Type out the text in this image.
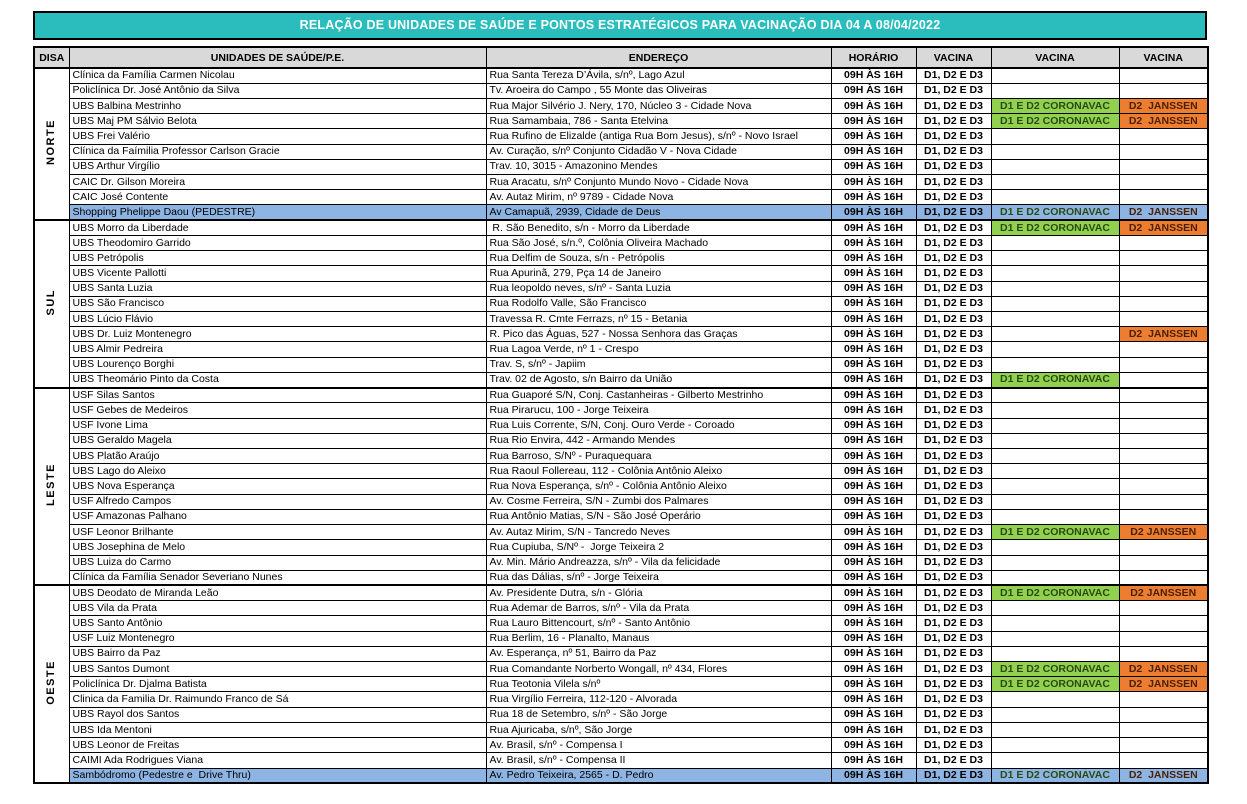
RELAÇÃO DE UNIDADES DE SAÚDE E PONTOS ESTRATÉGICOS PARA VACINAÇÃO DIA 04 A 08/04/2022
DISA	UNIDADES DE SAÚDE/P.E.	ENDEREÇO	HORÁRIO	VACINA	VACINA	VACINA
NORTE	Clínica da Família Carmen Nicolau	Rua Santa Tereza D’Ávila, s/nº, Lago Azul	09H ÀS 16H	D1, D2 E D3		
	Policlínica Dr. José Antônio da Silva	Tv. Aroeira do Campo , 55 Monte das Oliveiras	09H ÀS 16H	D1, D2 E D3		
	UBS Balbina Mestrinho	Rua Major Silvério J. Nery, 170, Núcleo 3 - Cidade Nova	09H ÀS 16H	D1, D2 E D3	D1 E D2 CORONAVAC	D2  JANSSEN
	UBS Maj PM Sálvio Belota	Rua Samambaia, 786 - Santa Etelvina	09H ÀS 16H	D1, D2 E D3	D1 E D2 CORONAVAC	D2  JANSSEN
	UBS Frei Valério	Rua Rufino de Elizalde (antiga Rua Bom Jesus), s/nº - Novo Israel	09H ÀS 16H	D1, D2 E D3		
	Clínica da Faímilia Professor Carlson Gracie	Av. Curação, s/nº Conjunto Cidadão V - Nova Cidade	09H ÀS 16H	D1, D2 E D3		
	UBS Arthur Virgílio	Trav. 10, 3015 - Amazonino Mendes	09H ÀS 16H	D1, D2 E D3		
	CAIC Dr. Gilson Moreira	Rua Aracatu, s/nº Conjunto Mundo Novo - Cidade Nova	09H ÀS 16H	D1, D2 E D3		
	CAIC José Contente	Av. Autaz Mirim, nº 9789 - Cidade Nova	09H ÀS 16H	D1, D2 E D3		
	Shopping Phelippe Daou (PEDESTRE)	Av Camapuã, 2939, Cidade de Deus	09H ÀS 16H	D1, D2 E D3	D1 E D2 CORONAVAC	D2  JANSSEN
SUL	UBS Morro da Liberdade	R. São Benedito, s/n - Morro da Liberdade	09H ÀS 16H	D1, D2 E D3	D1 E D2 CORONAVAC	D2  JANSSEN
	UBS Theodomiro Garrido	Rua São José, s/n.º, Colônia Oliveira Machado	09H ÀS 16H	D1, D2 E D3		
	UBS Petrópolis	Rua Delfim de Souza, s/n - Petrópolis	09H ÀS 16H	D1, D2 E D3		
	UBS Vicente Pallotti	Rua Apurinã, 279, Pça 14 de Janeiro	09H ÀS 16H	D1, D2 E D3		
	UBS Santa Luzia	Rua leopoldo neves, s/nº - Santa Luzia	09H ÀS 16H	D1, D2 E D3		
	UBS São Francisco	Rua Rodolfo Valle, São Francisco	09H ÀS 16H	D1, D2 E D3		
	UBS Lúcio Flávio	Travessa R. Cmte Ferrazs, nº 15 - Betania	09H ÀS 16H	D1, D2 E D3		
	UBS Dr. Luiz Montenegro	R. Pico das Águas, 527 - Nossa Senhora das Graças	09H ÀS 16H	D1, D2 E D3		D2  JANSSEN
	UBS Almir Pedreira	Rua Lagoa Verde, nº 1 - Crespo	09H ÀS 16H	D1, D2 E D3		
	UBS Lourenço Borghi	Trav. S, s/nº - Japiim	09H ÀS 16H	D1, D2 E D3		
	UBS Theomário Pinto da Costa	Trav. 02 de Agosto, s/n Bairro da União	09H ÀS 16H	D1, D2 E D3	D1 E D2 CORONAVAC	
LESTE	USF Silas Santos	Rua Guaporé S/N, Conj. Castanheiras - Gilberto Mestrinho	09H ÀS 16H	D1, D2 E D3		
	USF Gebes de Medeiros	Rua Pirarucu, 100 - Jorge Teixeira	09H ÀS 16H	D1, D2 E D3		
	USF Ivone Lima	Rua Luis Corrente, S/N, Conj. Ouro Verde - Coroado	09H ÀS 16H	D1, D2 E D3		
	UBS Geraldo Magela	Rua Rio Envira, 442 - Armando Mendes	09H ÀS 16H	D1, D2 E D3		
	UBS Platão Araújo	Rua Barroso, S/Nº - Puraquequara	09H ÀS 16H	D1, D2 E D3		
	UBS Lago do Aleixo	Rua Raoul Follereau, 112 - Colônia Antônio Aleixo	09H ÀS 16H	D1, D2 E D3		
	UBS Nova Esperança	Rua Nova Esperança, s/nº - Colônia Antônio Aleixo	09H ÀS 16H	D1, D2 E D3		
	USF Alfredo Campos	Av. Cosme Ferreira, S/N - Zumbi dos Palmares	09H ÀS 16H	D1, D2 E D3		
	USF Amazonas Palhano	Rua Antônio Matias, S/N - São José Operário	09H ÀS 16H	D1, D2 E D3		
	USF Leonor Brilhante	Av. Autaz Mirim, S/N - Tancredo Neves	09H ÀS 16H	D1, D2 E D3	D1 E D2 CORONAVAC	D2 JANSSEN
	UBS Josephina de Melo	Rua Cupiuba, S/Nº -  Jorge Teixeira 2	09H ÀS 16H	D1, D2 E D3		
	UBS Luiza do Carmo	Av. Min. Mário Andreazza, s/nº - Vila da felicidade	09H ÀS 16H	D1, D2 E D3		
	Clínica da Família Senador Severiano Nunes	Rua das Dálias, s/nº - Jorge Teixeira	09H ÀS 16H	D1, D2 E D3		
OESTE	UBS Deodato de Miranda Leão	Av. Presidente Dutra, s/n - Glória	09H ÀS 16H	D1, D2 E D3	D1 E D2 CORONAVAC	D2 JANSSEN
	UBS Vila da Prata	Rua Ademar de Barros, s/nº - Vila da Prata	09H ÀS 16H	D1, D2 E D3		
	UBS Santo Antônio	Rua Lauro Bittencourt, s/nº - Santo Antônio	09H ÀS 16H	D1, D2 E D3		
	USF Luiz Montenegro	Rua Berlim, 16 - Planalto, Manaus	09H ÀS 16H	D1, D2 E D3		
	UBS Bairro da Paz	Av. Esperança, nº 51, Bairro da Paz	09H ÀS 16H	D1, D2 E D3		
	UBS Santos Dumont	Rua Comandante Norberto Wongall, nº 434, Flores	09H ÀS 16H	D1, D2 E D3	D1 E D2 CORONAVAC	D2  JANSSEN
	Policlínica Dr. Djalma Batista	Rua Teotonia Vilela s/nº	09H ÀS 16H	D1, D2 E D3	D1 E D2 CORONAVAC	D2  JANSSEN
	Clinica da Familia Dr. Raimundo Franco de Sá	Rua Virgílio Ferreira, 112-120 - Alvorada	09H ÀS 16H	D1, D2 E D3		
	UBS Rayol dos Santos	Rua 18 de Setembro, s/nº - São Jorge	09H ÀS 16H	D1, D2 E D3		
	UBS Ida Mentoni	Rua Ajuricaba, s/nº, São Jorge	09H ÀS 16H	D1, D2 E D3		
	UBS Leonor de Freitas	Av. Brasil, s/nº - Compensa I	09H ÀS 16H	D1, D2 E D3		
	CAIMI Ada Rodrigues Viana	Av. Brasil, s/nº - Compensa II	09H ÀS 16H	D1, D2 E D3		
	Sambódromo (Pedestre e  Drive Thru)	Av. Pedro Teixeira, 2565 - D. Pedro	09H ÀS 16H	D1, D2 E D3	D1 E D2 CORONAVAC	D2  JANSSEN
